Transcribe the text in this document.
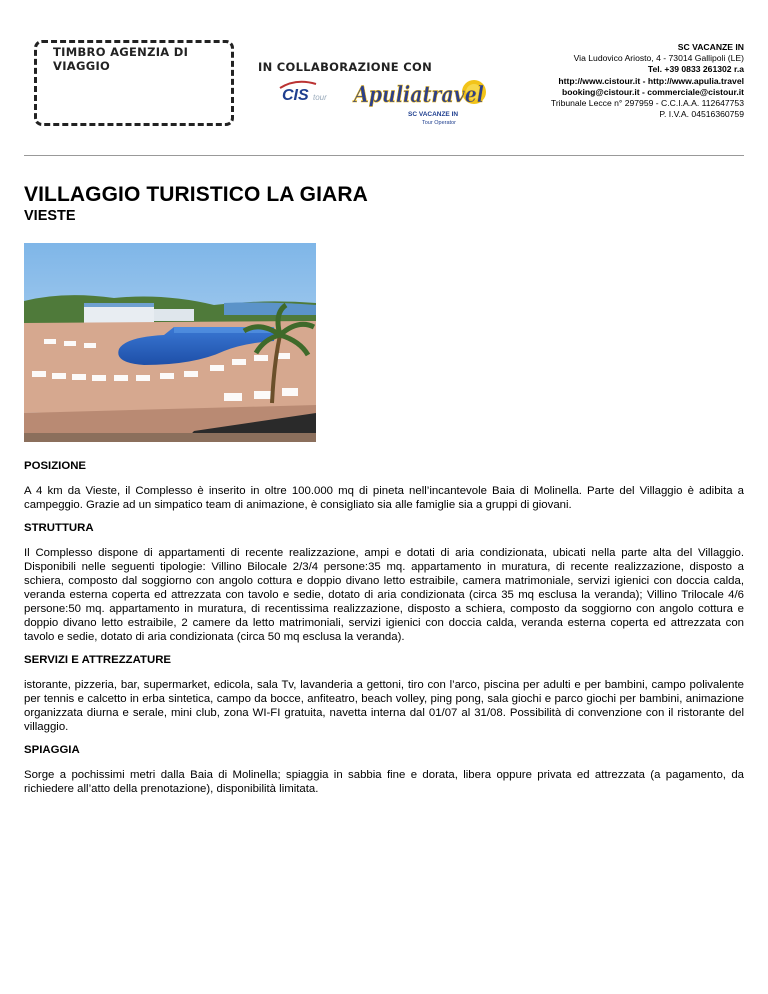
TIMBRO AGENZIA DI VIAGGIO	IN COLLABORAZIONE CON
CIS tour Apuliatravel
SC VACANZE IN
Tour Operator
SC VACANZE IN
Via Ludovico Ariosto, 4 - 73014 Gallipoli (LE)
Tel. +39 0833 261302 r.a
http://www.cistour.it - http://www.apulia.travel
booking@cistour.it - commerciale@cistour.it
Tribunale Lecce n° 297959 - C.C.I.A.A. 112647753
P. I.V.A. 04516360759
VILLAGGIO TURISTICO LA GIARA
VIESTE
POSIZIONE

A 4 km da Vieste, il Complesso è inserito in oltre 100.000 mq di pineta nell’incantevole Baia di Molinella. Parte del Villaggio è adibita a campeggio. Grazie ad un simpatico team di animazione, è consigliato sia alle famiglie sia a gruppi di giovani.

STRUTTURA

Il Complesso dispone di appartamenti di recente realizzazione, ampi e dotati di aria condizionata, ubicati nella parte alta del Villaggio. Disponibili nelle seguenti tipologie: Villino Bilocale 2/3/4 persone:35 mq. appartamento in muratura, di recente realizzazione, disposto a schiera, composto dal soggiorno con angolo cottura e doppio divano letto estraibile, camera matrimoniale, servizi igienici con doccia calda, veranda esterna coperta ed attrezzata con tavolo e sedie, dotato di aria condizionata (circa 35 mq esclusa la veranda); Villino Trilocale 4/6 persone:50 mq. appartamento in muratura, di recentissima realizzazione, disposto a schiera, composto da soggiorno con angolo cottura e doppio divano letto estraibile, 2 camere da letto matrimoniali, servizi igienici con doccia calda, veranda esterna coperta ed attrezzata con tavolo e sedie, dotato di aria condizionata (circa 50 mq esclusa la veranda).

SERVIZI E ATTREZZATURE

istorante, pizzeria, bar, supermarket, edicola, sala Tv, lavanderia a gettoni, tiro con l’arco, piscina per adulti e per bambini, campo polivalente per tennis e calcetto in erba sintetica, campo da bocce, anfiteatro, beach volley, ping pong, sala giochi e parco giochi per bambini, animazione organizzata diurna e serale, mini club, zona WI-FI gratuita, navetta interna dal 01/07 al 31/08. Possibilità di convenzione con il ristorante del villaggio.

SPIAGGIA

Sorge a pochissimi metri dalla Baia di Molinella; spiaggia in sabbia fine e dorata, libera oppure privata ed attrezzata (a pagamento, da richiedere all’atto della prenotazione), disponibilità limitata.
